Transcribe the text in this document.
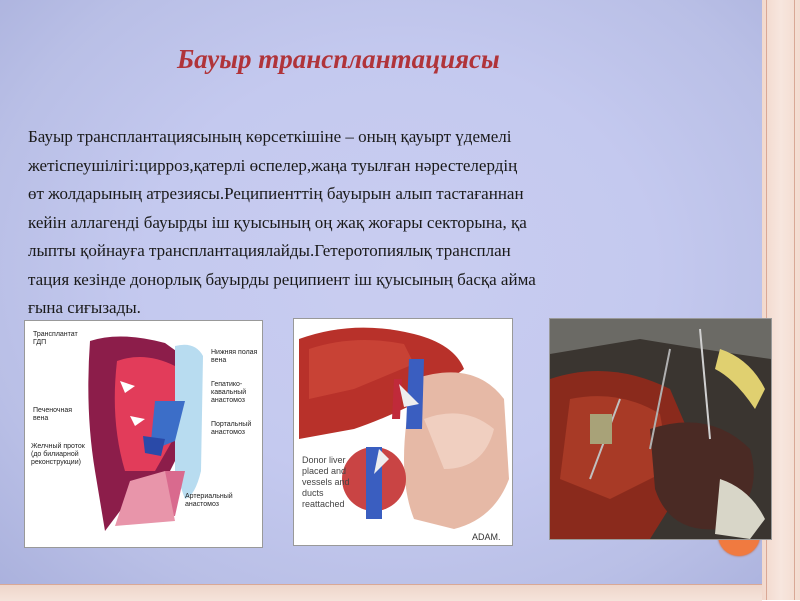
Бауыр трансплантациясы
Бауыр трансплантациясының көрсеткішіне – оның қауырт үдемелі
жетіспеушілігі:цирроз,қатерлі өспелер,жаңа туылған нәрестелердің
өт жолдарының атрезиясы.Реципиенттің бауырын алып тастағаннан
кейін аллагенді бауырды іш қуысының оң жақ жоғары секторына, қа
лыпты қойнауға трансплантациялайды.Гетеротопиялық трансплан
тация кезінде донорлық бауырды реципиент іш қуысының басқа айма
ғына сиғызады.
Трансплантат ГДП
Нижняя полая вена
Гепатико-кавальный анастомоз
Печеночная вена
Портальный анастомоз
Желчный проток (до билиарной реконструкции)
Артериальный анастомоз
Donor liver placed and vessels and ducts reattached
ADAM.
